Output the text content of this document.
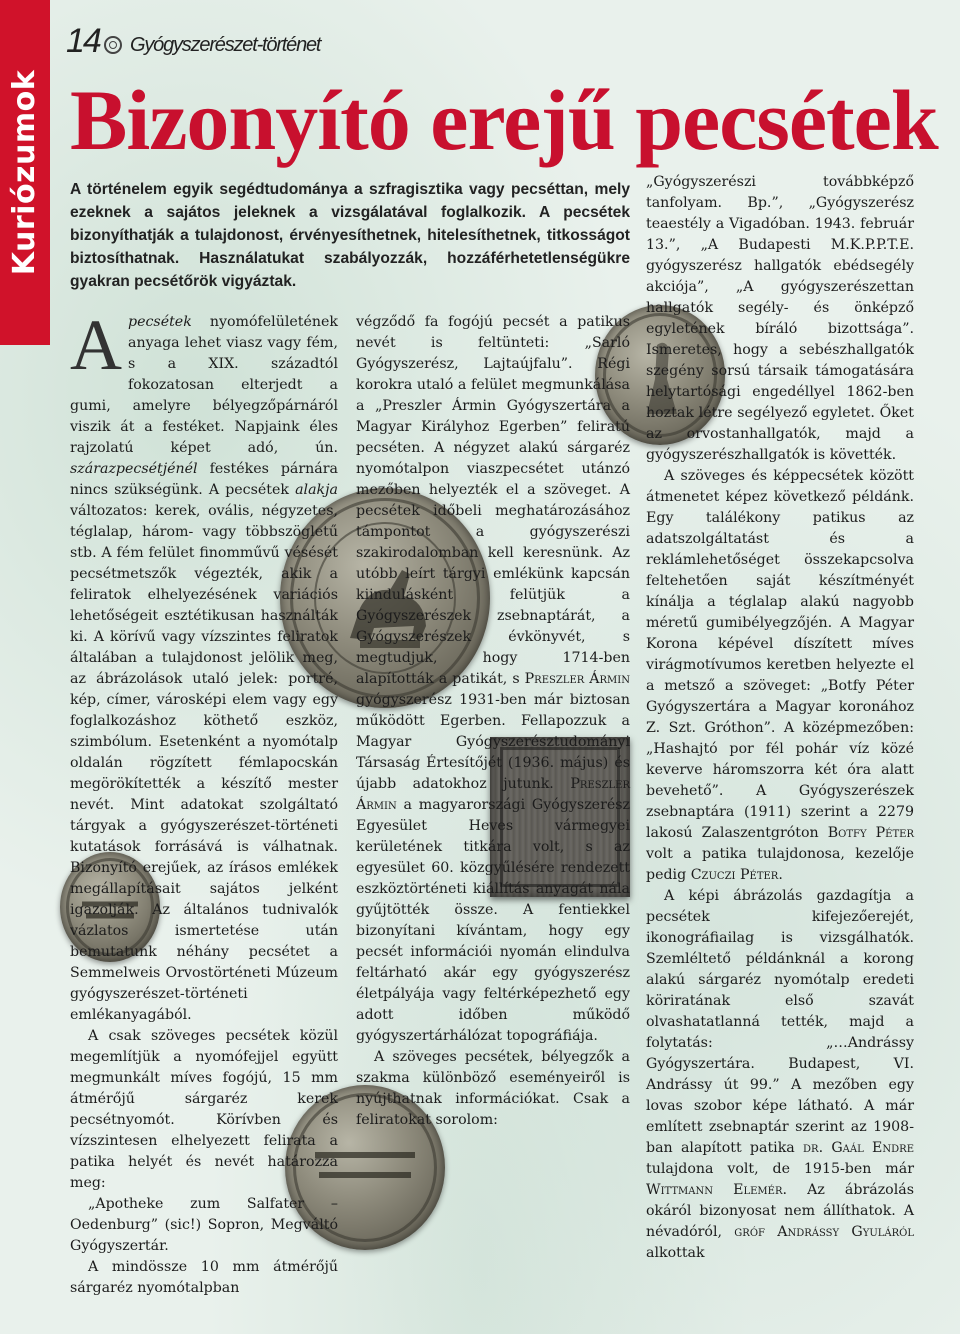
Kuriózumok
14 Gyógyszerészet-történet
Bizonyító erejű pecsétek

A történelem egyik segédtudománya a szfragisztika vagy pecséttan, mely ezeknek a sajátos jeleknek a vizsgálatával foglalkozik. A pecsétek bizonyíthatják a tulajdonost, érvényesíthetnek, hitelesíthetnek, titkosságot biztosíthatnak. Használatukat szabályozzák, hozzáférhetetlenségükre gyakran pecsétőrök vigyáztak.

A pecsétek nyomófelületének anyaga lehet viasz vagy fém, s a XIX. századtól fokozatosan elterjedt a gumi, amelyre bélyegzőpárnáról viszik át a festéket. Napjaink éles rajzolatú képet adó, ún. szárazpecsétjénél festékes párnára nincs szükségünk. A pecsétek alakja változatos: kerek, ovális, négyzetes, téglalap, három- vagy többszögletű stb. A fém felület finomművű vésését pecsétmetszők végezték, akik a feliratok elhelyezésének variációs lehetőségeit esztétikusan használták ki. A körívű vagy vízszintes feliratok általában a tulajdonost jelölik meg, az ábrázolások utaló jelek: portré, kép, címer, városképi elem vagy egy foglalkozáshoz köthető eszköz, szimbólum. Esetenként a nyomótalp oldalán rögzített fémlapocskán megörökítették a készítő mester nevét. Mint adatokat szolgáltató tárgyak a gyógyszerészet-történeti kutatások forrásává is válhatnak. Bizonyító erejűek, az írásos emlékek megállapításait sajátos jelként igazolják. Az általános tudnivalók vázlatos ismertetése után bemutatunk néhány pecsétet a Semmelweis Orvostörténeti Múzeum gyógyszerészet-történeti emlékanyagából.

A csak szöveges pecsétek közül megemlítjük a nyomófejjel együtt megmunkált míves fogójú, 15 mm átmérőjű sárgaréz kerek pecsétnyomót. Körívben és vízszintesen elhelyezett felirata a patika helyét és nevét határozza meg:

„Apotheke zum Salfater – Oedenburg” (sic!) Sopron, Megváltó Gyógyszertár.

A mindössze 10 mm átmérőjű sárgaréz nyomótalpban

végződő fa fogójú pecsét a patikus nevét is feltünteti: „Sarló Gyógyszerész, Lajtaújfalu”. Régi korokra utaló a felület megmunkálása a „Preszler Ármin Gyógyszertára a Magyar Királyhoz Egerben” feliratú pecséten. A négyzet alakú sárgaréz nyomótalpon viaszpecsétet utánzó mezőben helyezték el a szöveget. A pecsétek időbeli meghatározásához támpontot a gyógyszerészi szakirodalomban kell keresnünk. Az utóbb leírt tárgyi emlékünk kapcsán kiindulásként felütjük a Gyógyszerészek zsebnaptárát, a Gyógyszerészek évkönyvét, s megtudjuk, hogy 1714-ben alapították a patikát, s Preszler Ármin gyógyszerész 1931-ben már biztosan működött Egerben. Fellapozzuk a Magyar Gyógyszerésztudományi Társaság Értesítőjét (1936. május) és újabb adatokhoz jutunk. Preszler Ármin a magyarországi Gyógyszerész Egyesület Heves vármegyei kerületének titkára volt, s az egyesület 60. közgyűlésére rendezett eszköztörténeti kiállítás anyagát nála gyűjtötték össze. A fentiekkel bizonyítani kívántam, hogy egy pecsét információi nyomán elindulva feltárható akár egy gyógyszerész életpályája vagy feltérképezhető egy adott időben működő gyógyszertárhálózat topográfiája.

A szöveges pecsétek, bélyegzők a szakma különböző eseményeiről is nyújthatnak információkat. Csak a feliratokat sorolom:

„Gyógyszerészi továbbképző tanfolyam. Bp.”, „Gyógyszerész teaestély a Vigadóban. 1943. február 13.”, „A Budapesti M.K.P.P.T.E. gyógyszerész hallgatók ebédsegély akciója”, „A gyógyszerészettan hallgatók segély- és önképző egyletének bíráló bizottsága”. Ismeretes, hogy a sebészhallgatók szegény sorsú társaik támogatására helytartósági engedéllyel 1862-ben hoztak létre segélyező egyletet. Őket az orvostanhallgatók, majd a gyógyszerészhallgatók is követték.

A szöveges és képpecsétek között átmenetet képez következő példánk. Egy találékony patikus az adatszolgáltatást és a reklámlehetőséget összekapcsolva feltehetően saját készítményét kínálja a téglalap alakú nagyobb méretű gumibélyegzőjén. A Magyar Korona képével díszített míves virágmotívumos keretben helyezte el a metsző a szöveget: „Botfy Péter Gyógyszertára a Magyar koronához Z. Szt. Gróthon”. A középmezőben: „Hashajtó por fél pohár víz közé keverve háromszorra két óra alatt bevehető”. A Gyógyszerészek zsebnaptára (1911) szerint a 2279 lakosú Zalaszentgróton Botfy Péter volt a patika tulajdonosa, kezelője pedig Czuczi Péter.

A képi ábrázolás gazdagítja a pecsétek kifejezőerejét, ikonográfiailag is vizsgálhatók. Szemléltető példánknál a korong alakú sárgaréz nyomótalp eredeti köriratának első szavát olvashatatlanná tették, majd a folytatás: „…Andrássy Gyógyszertára. Budapest, VI. Andrássy út 99.” A mezőben egy lovas szobor képe látható. A már említett zsebnaptár szerint az 1908-ban alapított patika dr. Gaál Endre tulajdona volt, de 1915-ben már Wittmann Elemér. Az ábrázolás okáról bizonyosat nem állíthatok. A névadóról, gróf Andrássy Gyuláról alkottak
